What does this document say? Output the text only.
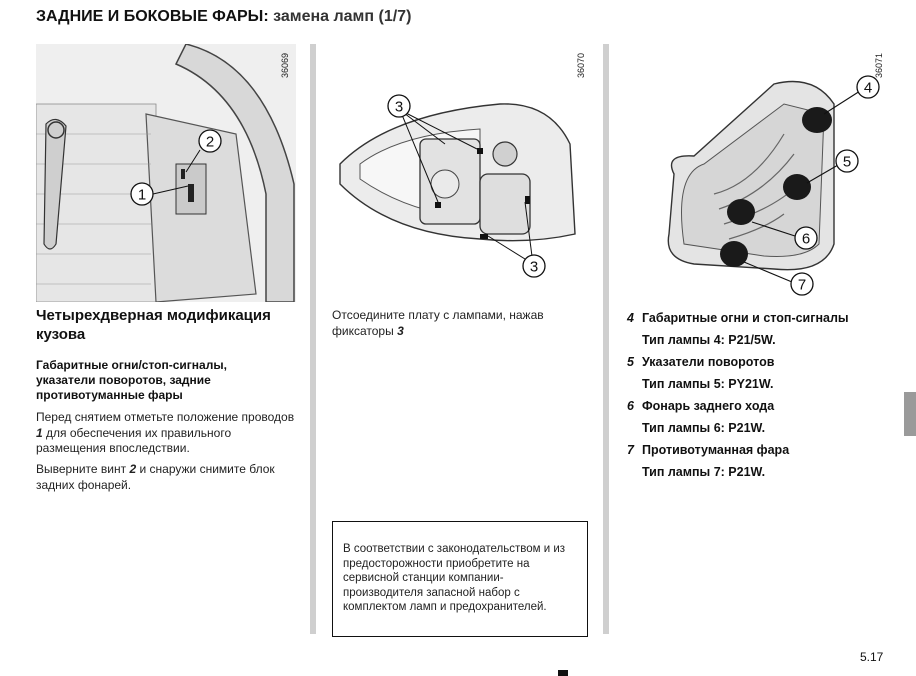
ЗАДНИЕ И БОКОВЫЕ ФАРЫ: замена ламп (1/7)
1
2
36069
3
3
36070
4
5
6
7
36071
Четырехдверная модификация кузова
Габаритные огни/стоп-сигналы, указатели поворотов, задние противотуманные фары
Перед снятием отметьте положение проводов 1 для обеспечения их правильного размещения впоследствии.
Выверните винт 2 и снаружи снимите блок задних фонарей.
Отсоедините плату с лампами, нажав фиксаторы 3
В соответствии с законодательством и из предосторожности приобретите на сервисной станции компании-производителя запасной набор с комплектом ламп и предохранителей.
4 Габаритные огни и стоп-сигналы
Тип лампы 4: P21/5W.
5 Указатели поворотов
Тип лампы 5: PY21W.
6 Фонарь заднего хода
Тип лампы 6: P21W.
7 Противотуманная фара
Тип лампы 7: P21W.
5.17
